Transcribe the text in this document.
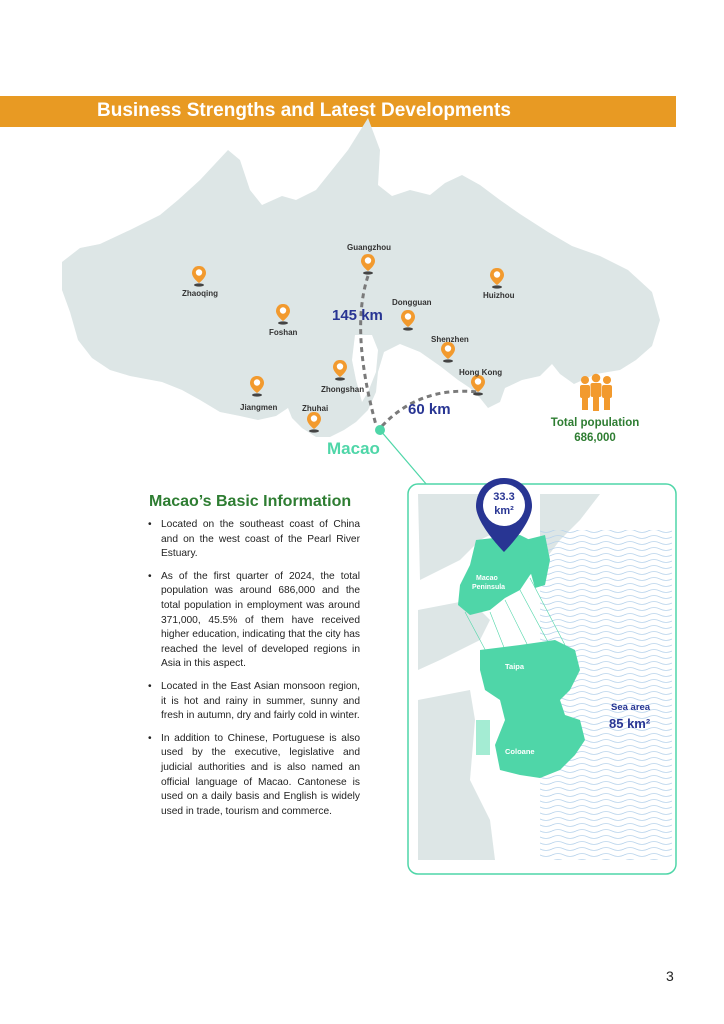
Business Strengths and Latest Developments
Guangzhou
Zhaoqing	Huizhou
Dongguan
Foshan
Shenzhen
Zhongshan
Hong Kong
Jiangmen	Zhuhai
145 km
60 km
Macao
33.3
km²
Macao
Peninsula
Taipa
Coloane
Sea area
85 km²
Total population
686,000
Macao’s Basic Information
• Located on the southeast coast of China and on the west coast of the Pearl River Estuary.
• As of the first quarter of 2024, the total population was around 686,000 and the total population in employment was around 371,000, 45.5% of them have received higher education, indicating that the city has reached the level of developed regions in Asia in this aspect.
• Located in the East Asian monsoon region, it is hot and rainy in summer, sunny and fresh in autumn, dry and fairly cold in winter.
• In addition to Chinese, Portuguese is also used by the executive, legislative and judicial authorities and is also named an official language of Macao. Cantonese is used on a daily basis and English is widely used in trade, tourism and commerce.
3
